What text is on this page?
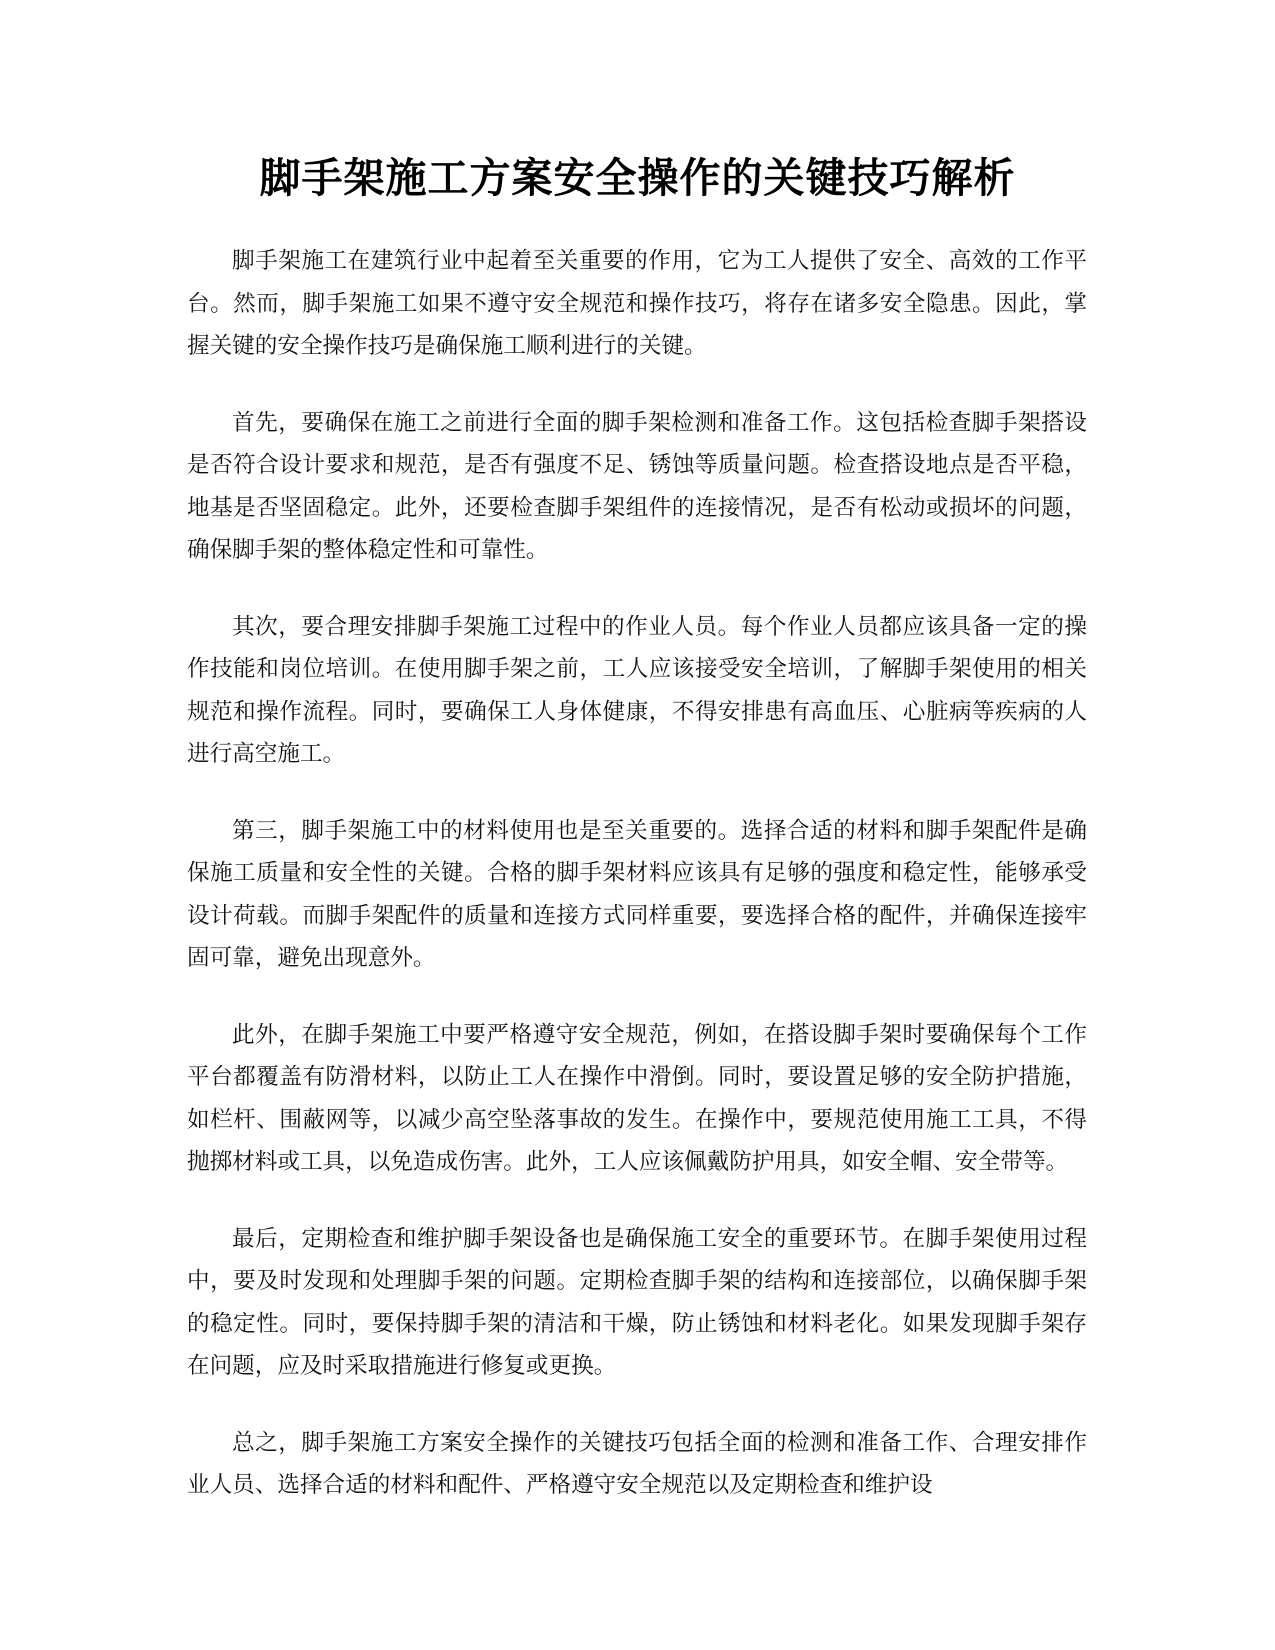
脚手架施工方案安全操作的关键技巧解析

脚手架施工在建筑行业中起着至关重要的作用，它为工人提供了安全、高效的工作平台。然而，脚手架施工如果不遵守安全规范和操作技巧，将存在诸多安全隐患。因此，掌握关键的安全操作技巧是确保施工顺利进行的关键。

首先，要确保在施工之前进行全面的脚手架检测和准备工作。这包括检查脚手架搭设是否符合设计要求和规范，是否有强度不足、锈蚀等质量问题。检查搭设地点是否平稳，地基是否坚固稳定。此外，还要检查脚手架组件的连接情况，是否有松动或损坏的问题，确保脚手架的整体稳定性和可靠性。

其次，要合理安排脚手架施工过程中的作业人员。每个作业人员都应该具备一定的操作技能和岗位培训。在使用脚手架之前，工人应该接受安全培训，了解脚手架使用的相关规范和操作流程。同时，要确保工人身体健康，不得安排患有高血压、心脏病等疾病的人进行高空施工。

第三，脚手架施工中的材料使用也是至关重要的。选择合适的材料和脚手架配件是确保施工质量和安全性的关键。合格的脚手架材料应该具有足够的强度和稳定性，能够承受设计荷载。而脚手架配件的质量和连接方式同样重要，要选择合格的配件，并确保连接牢固可靠，避免出现意外。

此外，在脚手架施工中要严格遵守安全规范，例如，在搭设脚手架时要确保每个工作平台都覆盖有防滑材料，以防止工人在操作中滑倒。同时，要设置足够的安全防护措施，如栏杆、围蔽网等，以减少高空坠落事故的发生。在操作中，要规范使用施工工具，不得抛掷材料或工具，以免造成伤害。此外，工人应该佩戴防护用具，如安全帽、安全带等。

最后，定期检查和维护脚手架设备也是确保施工安全的重要环节。在脚手架使用过程中，要及时发现和处理脚手架的问题。定期检查脚手架的结构和连接部位，以确保脚手架的稳定性。同时，要保持脚手架的清洁和干燥，防止锈蚀和材料老化。如果发现脚手架存在问题，应及时采取措施进行修复或更换。

总之，脚手架施工方案安全操作的关键技巧包括全面的检测和准备工作、合理安排作业人员、选择合适的材料和配件、严格遵守安全规范以及定期检查和维护设
